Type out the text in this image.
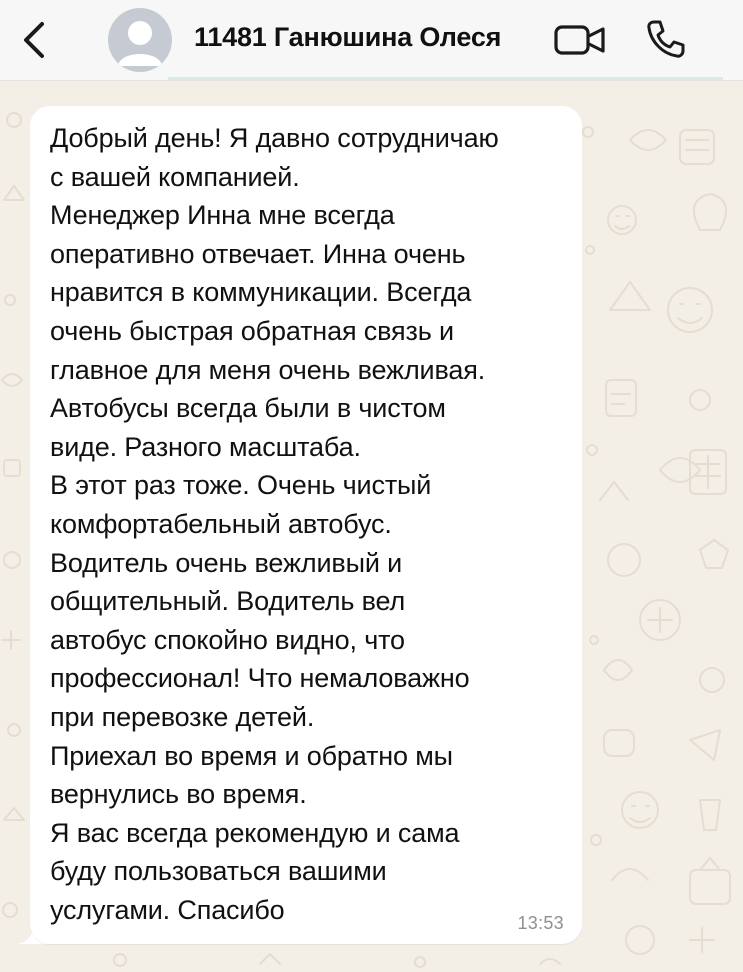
11481 Ганюшина Олеся

Добрый день! Я давно сотрудничаю
с вашей компанией.
Менеджер Инна мне всегда
оперативно отвечает. Инна очень
нравится в коммуникации. Всегда
очень быстрая обратная связь и
главное для меня очень вежливая.
Автобусы всегда были в чистом
виде. Разного масштаба.
В этот раз тоже. Очень чистый
комфортабельный автобус.
Водитель очень вежливый и
общительный. Водитель вел
автобус спокойно видно, что
профессионал! Что немаловажно
при перевозке детей.
Приехал во время и обратно мы
вернулись во время.
Я вас всегда рекомендую и сама
буду пользоваться вашими
услугами. Спасибо	13:53
